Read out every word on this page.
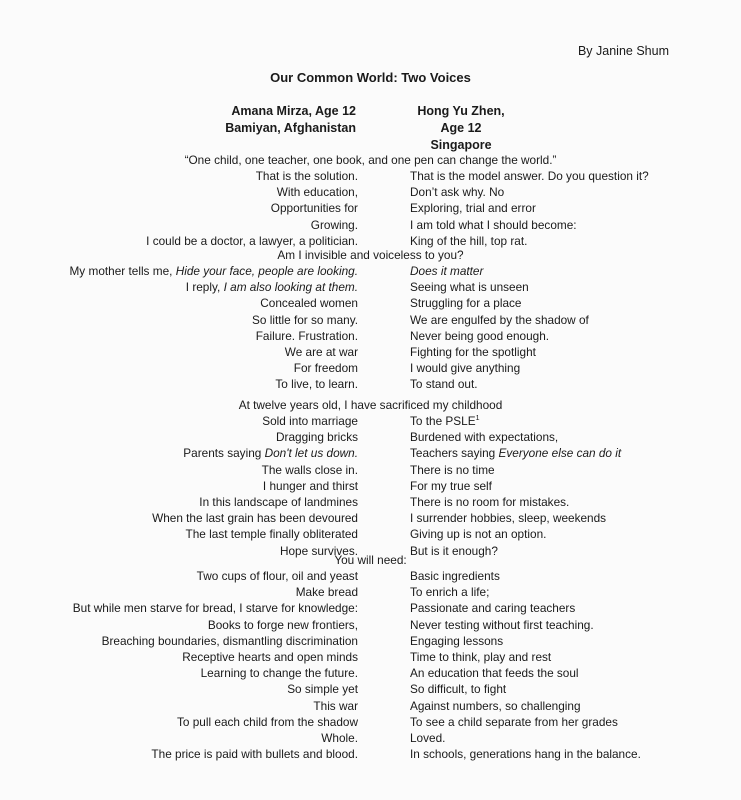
By Janine Shum
Our Common World: Two Voices
Amana Mirza, Age 12
Bamiyan, Afghanistan
Hong Yu Zhen, Age 12
Singapore
“One child, one teacher, one book, and one pen can change the world.”
That is the solution.	That is the model answer. Do you question it?
With education,	Don’t ask why. No
Opportunities for	Exploring, trial and error
Growing.	I am told what I should become:
I could be a doctor, a lawyer, a politician.	King of the hill, top rat.
Am I invisible and voiceless to you?
My mother tells me, Hide your face, people are looking.	Does it matter
I reply, I am also looking at them.	Seeing what is unseen
Concealed women	Struggling for a place
So little for so many.	We are engulfed by the shadow of
Failure. Frustration.	Never being good enough.
We are at war	Fighting for the spotlight
For freedom	I would give anything
To live, to learn.	To stand out.
At twelve years old, I have sacrificed my childhood
Sold into marriage	To the PSLE$^1$
Dragging bricks	Burdened with expectations,
Parents saying Don't let us down.	Teachers saying Everyone else can do it
The walls close in.	There is no time
I hunger and thirst	For my true self
In this landscape of landmines	There is no room for mistakes.
When the last grain has been devoured	I surrender hobbies, sleep, weekends
The last temple finally obliterated	Giving up is not an option.
Hope survives.	But is it enough?
You will need:
Two cups of flour, oil and yeast	Basic ingredients
Make bread	To enrich a life;
But while men starve for bread, I starve for knowledge:	Passionate and caring teachers
Books to forge new frontiers,	Never testing without first teaching.
Breaching boundaries, dismantling discrimination	Engaging lessons
Receptive hearts and open minds	Time to think, play and rest
Learning to change the future.	An education that feeds the soul
So simple yet	So difficult, to fight
This war	Against numbers, so challenging
To pull each child from the shadow	To see a child separate from her grades
Whole.	Loved.
The price is paid with bullets and blood.	In schools, generations hang in the balance.
